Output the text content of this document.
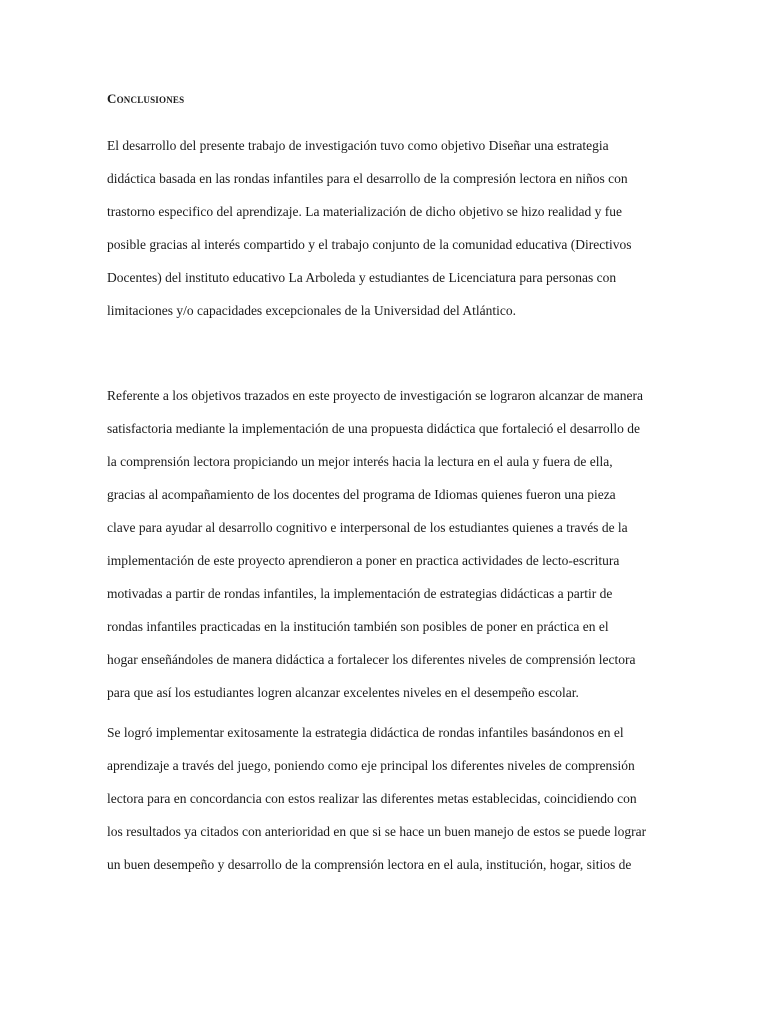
Conclusiones

El desarrollo del presente trabajo de investigación tuvo como objetivo Diseñar una estrategia
didáctica basada en las rondas infantiles para el desarrollo de la compresión lectora en niños con
trastorno especifico del aprendizaje. La materialización de dicho objetivo se hizo realidad y fue
posible gracias al interés compartido y el trabajo conjunto de la comunidad educativa (Directivos
Docentes) del instituto educativo La Arboleda y estudiantes de Licenciatura para personas con
limitaciones y/o capacidades excepcionales de la Universidad del Atlántico.

Referente a los objetivos trazados en este proyecto de investigación se lograron alcanzar de manera
satisfactoria mediante la implementación de una propuesta didáctica que fortaleció el desarrollo de
la comprensión lectora propiciando un mejor interés hacia la lectura en el aula y fuera de ella,
gracias al acompañamiento de los docentes del programa de Idiomas quienes fueron una pieza
clave para ayudar al desarrollo cognitivo e interpersonal de los estudiantes quienes a través de la
implementación de este proyecto aprendieron a poner en practica actividades de lecto-escritura
motivadas a partir de rondas infantiles, la implementación de estrategias didácticas a partir de
rondas infantiles practicadas en la institución también son posibles de poner en práctica en el
hogar enseñándoles de manera didáctica a fortalecer los diferentes niveles de comprensión lectora
para que así los estudiantes logren alcanzar excelentes niveles en el desempeño escolar.

Se logró implementar exitosamente la estrategia didáctica de rondas infantiles basándonos en el
aprendizaje a través del juego, poniendo como eje principal los diferentes niveles de comprensión
lectora para en concordancia con estos realizar las diferentes metas establecidas, coincidiendo con
los resultados ya citados con anterioridad en que si se hace un buen manejo de estos se puede lograr
un buen desempeño y desarrollo de la comprensión lectora en el aula, institución, hogar, sitios de
